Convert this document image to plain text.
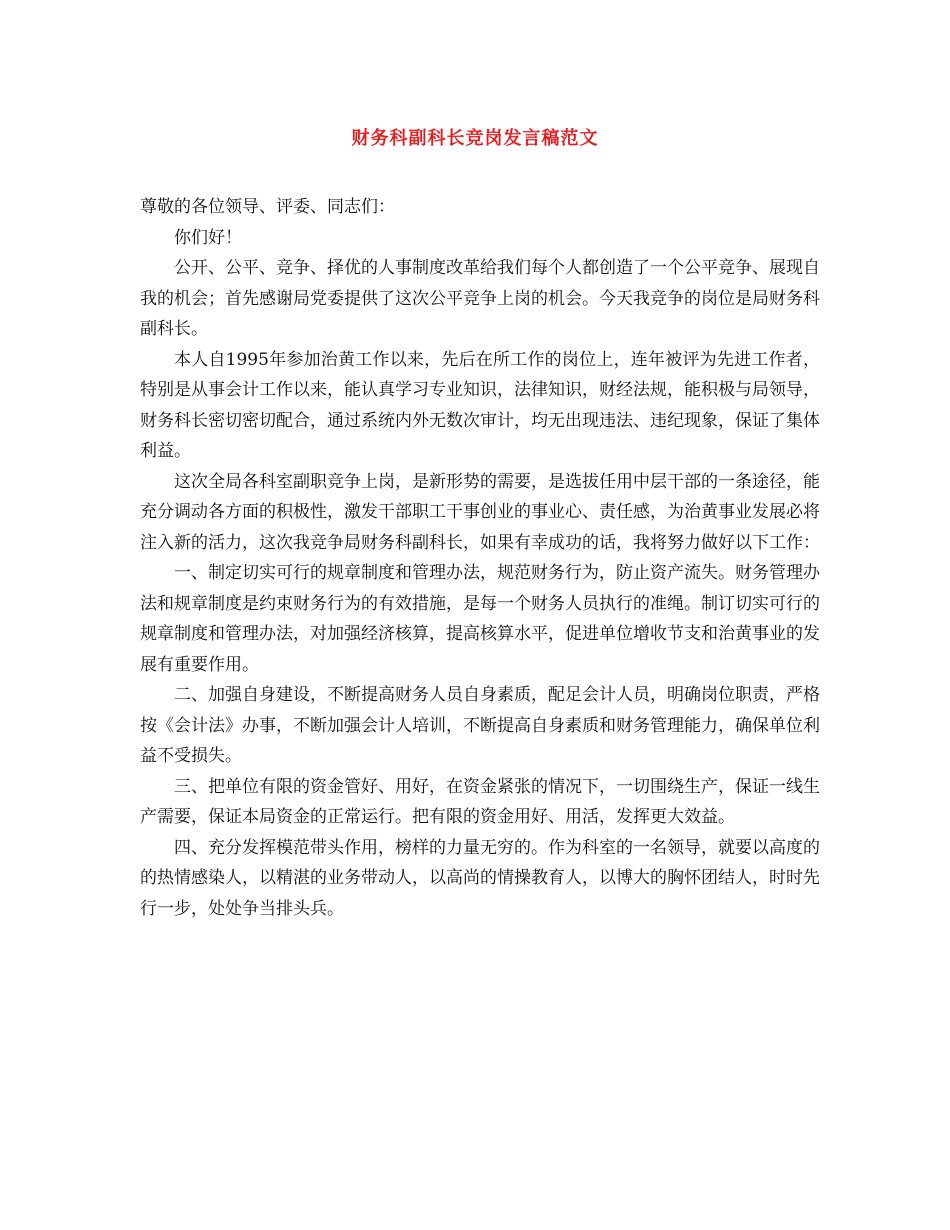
财务科副科长竞岗发言稿范文

尊敬的各位领导、评委、同志们：

你们好！

公开、公平、竞争、择优的人事制度改革给我们每个人都创造了一个公平竞争、展现自我的机会；首先感谢局党委提供了这次公平竞争上岗的机会。今天我竞争的岗位是局财务科副科长。

本人自1995年参加治黄工作以来，先后在所工作的岗位上，连年被评为先进工作者，特别是从事会计工作以来，能认真学习专业知识，法律知识，财经法规，能积极与局领导，财务科长密切密切配合，通过系统内外无数次审计，均无出现违法、违纪现象，保证了集体利益。

这次全局各科室副职竞争上岗，是新形势的需要，是选拔任用中层干部的一条途径，能充分调动各方面的积极性，激发干部职工干事创业的事业心、责任感，为治黄事业发展必将注入新的活力，这次我竞争局财务科副科长，如果有幸成功的话，我将努力做好以下工作：

一、制定切实可行的规章制度和管理办法，规范财务行为，防止资产流失。财务管理办法和规章制度是约束财务行为的有效措施，是每一个财务人员执行的准绳。制订切实可行的规章制度和管理办法，对加强经济核算，提高核算水平，促进单位增收节支和治黄事业的发展有重要作用。

二、加强自身建设，不断提高财务人员自身素质，配足会计人员，明确岗位职责，严格按《会计法》办事，不断加强会计人培训，不断提高自身素质和财务管理能力，确保单位利益不受损失。

三、把单位有限的资金管好、用好，在资金紧张的情况下，一切围绕生产，保证一线生产需要，保证本局资金的正常运行。把有限的资金用好、用活，发挥更大效益。

四、充分发挥模范带头作用，榜样的力量无穷的。作为科室的一名领导，就要以高度的的热情感染人，以精湛的业务带动人，以高尚的情操教育人，以博大的胸怀团结人，时时先行一步，处处争当排头兵。
